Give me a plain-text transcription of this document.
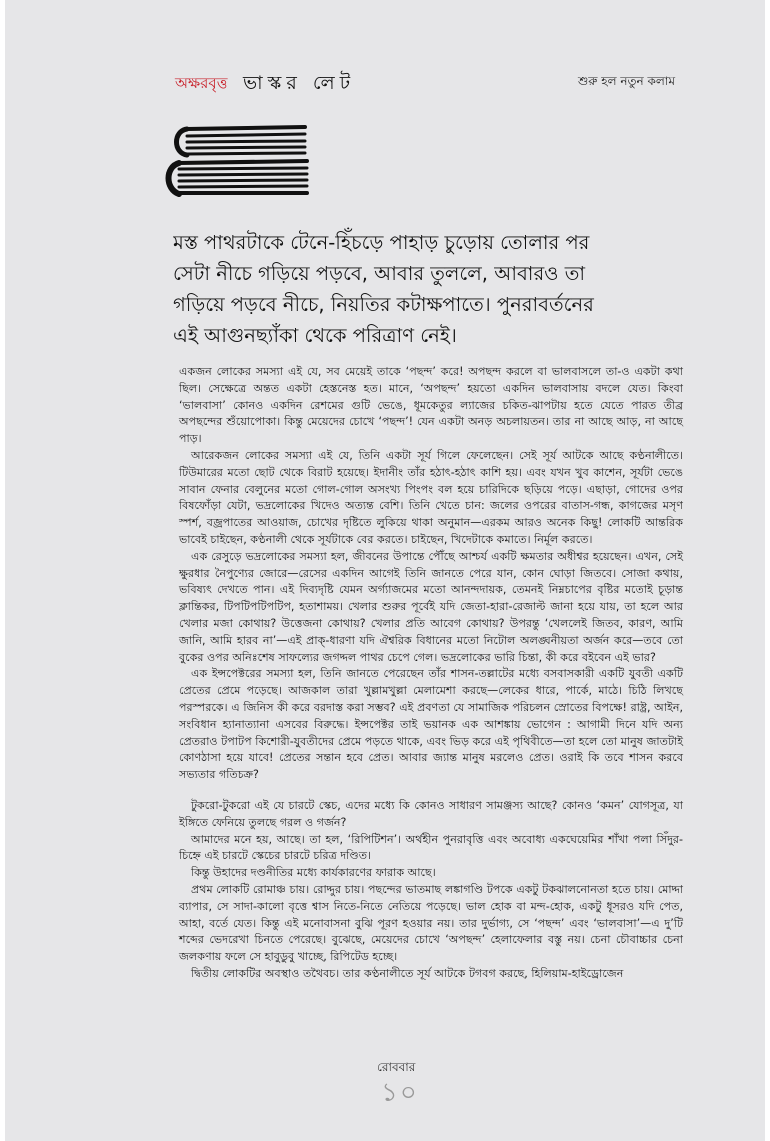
অক্ষরবৃত্ত ভাস্কর লেট	শুরু হল নতুন কলাম
মস্ত পাথরটাকে টেনে-হিঁচড়ে পাহাড় চুড়োয় তোলার পর
সেটা নীচে গড়িয়ে পড়বে, আবার তুললে, আবারও তা
গড়িয়ে পড়বে নীচে, নিয়তির কটাক্ষপাতে। পুনরাবর্তনের
এই আগুনছ্যাঁকা থেকে পরিত্রাণ নেই।

একজন লোকের সমস্যা এই যে, সব মেয়েই তাকে ‘পছন্দ’ করে! অপছন্দ করলে বা ভালবাসলে তা-ও একটা কথা ছিল। সেক্ষেত্রে অন্তত একটা হেস্তনেস্ত হত। মানে, ‘অপছন্দ’ হয়তো একদিন ভালবাসায় বদলে যেত। কিংবা ‘ভালবাসা’ কোনও একদিন রেশমের গুটি ভেঙে, ধূমকেতুর ল্যাজের চকিত-ঝাপটায় হতে যেতে পারত তীব্র অপছন্দের শুঁয়োপোকা। কিন্তু মেয়েদের চোখে ‘পছন্দ’! যেন একটা অনড় অচলায়তন। তার না আছে আড়, না আছে পাড়।

আরেকজন লোকের সমস্যা এই যে, তিনি একটা সূর্য গিলে ফেলেছেন। সেই সূর্য আটকে আছে কণ্ঠনালীতে। টিউমারের মতো ছোট থেকে বিরাট হয়েছে। ইদানীং তাঁর হঠাৎ-হঠাৎ কাশি হয়। এবং যখন খুব কাশেন, সূর্যটা ভেঙে সাবান ফেনার বেলুনের মতো গোল-গোল অসংখ্য পিংপং বল হয়ে চারিদিকে ছড়িয়ে পড়ে। এছাড়া, গোদের ওপর বিষফোঁড়া যেটা, ভদ্রলোকের খিদেও অত্যন্ত বেশি। তিনি খেতে চান: জলের ওপরের বাতাস-গন্ধ, কাগজের মসৃণ স্পর্শ, বজ্রপাতের আওয়াজ, চোখের দৃষ্টিতে লুকিয়ে থাকা অনুমান—এরকম আরও অনেক কিছু! লোকটি আন্তরিক ভাবেই চাইছেন, কণ্ঠনালী থেকে সূর্যটাকে বের করতে। চাইছেন, খিদেটাকে কমাতে। নির্মূল করতে।

এক রেসুড়ে ভদ্রলোকের সমস্যা হল, জীবনের উপান্তে পৌঁছে আশ্চর্য একটি ক্ষমতার অধীশ্বর হয়েছেন। এখন, সেই ক্ষুরধার নৈপুণ্যের জোরে—রেসের একদিন আগেই তিনি জানতে পেরে যান, কোন ঘোড়া জিতবে। সোজা কথায়, ভবিষ্যৎ দেখতে পান। এই দিব্যদৃষ্টি যেমন অর্গ্যাজমের মতো আনন্দদায়ক, তেমনই নিম্নচাপের বৃষ্টির মতোই চূড়ান্ত ক্লান্তিকর, টিপটিপটিপটিপ, হতাশাময়। খেলার শুরুর পূর্বেই যদি জেতা-হারা-রেজাল্ট জানা হয়ে যায়, তা হলে আর খেলার মজা কোথায়? উত্তেজনা কোথায়? খেলার প্রতি আবেগ কোথায়? উপরন্তু ‘খেললেই জিতব, কারণ, আমি জানি, আমি হারব না’—এই প্রাক্-ধারণা যদি ঐশ্বরিক বিধানের মতো নিটোল অলঙ্ঘনীয়তা অর্জন করে—তবে তো বুকের ওপর অনিঃশেষ সাফল্যের জগদ্দল পাথর চেপে গেল। ভদ্রলোকের ভারি চিন্তা, কী করে বইবেন এই ভার?

এক ইন্সপেক্টরের সমস্যা হল, তিনি জানতে পেরেছেন তাঁর শাসন-তল্লাটের মধ্যে বসবাসকারী একটি যুবতী একটি প্রেতের প্রেমে পড়েছে। আজকাল তারা খুল্লামখুল্লা মেলামেশা করছে—লেকের ধারে, পার্কে, মাঠে। চিঠি লিখছে পরস্পরকে। এ জিনিস কী করে বরদাস্ত করা সম্ভব? এই প্রবণতা যে সামাজিক পরিচলন স্রোতের বিপক্ষে! রাষ্ট্র, আইন, সংবিধান হ্যানাত্যানা এসবের বিরুদ্ধে। ইন্সপেক্টর তাই ভয়ানক এক আশঙ্কায় ভোগেন : আগামী দিনে যদি অন্য প্রেতরাও টপাটপ কিশোরী-যুবতীদের প্রেমে পড়তে থাকে, এবং ভিড় করে এই পৃথিবীতে—তা হলে তো মানুষ জাতটাই কোণঠাসা হয়ে যাবে! প্রেতের সন্তান হবে প্রেত। আবার জ্যান্ত মানুষ মরলেও প্রেত। ওরাই কি তবে শাসন করবে সভ্যতার গতিচক্র?

টুকরো-টুকরো এই যে চারটে স্কেচ, এদের মধ্যে কি কোনও সাধারণ সামঞ্জস্য আছে? কোনও ‘কমন’ যোগসূত্র, যা ইঙ্গিতে ফেনিয়ে তুলছে গরল ও গর্জন?

আমাদের মনে হয়, আছে। তা হল, ‘রিপিটিশন’। অর্থহীন পুনরাবৃত্তি এবং অবোধ্য একঘেয়েমির শাঁখা পলা সিঁদুর-চিহ্নে এই চারটে স্কেচের চারটে চরিত্র দণ্ডিত।

কিন্তু উহাদের দণ্ডনীতির মধ্যে কার্যকারণের ফারাক আছে।

প্রথম লোকটি রোমাঞ্চ চায়। রোদ্দুর চায়। পছন্দের ভাতমাছ লঙ্কাগণ্ডি টপকে একটু টকঝালনোনতা হতে চায়। মোদ্দা ব্যাপার, সে সাদা-কালো বৃত্তে শ্বাস নিতে-নিতে নেতিয়ে পড়েছে। ভাল হোক বা মন্দ-হোক, একটু ধূসরও যদি পেত, আহা, বর্তে যেত। কিন্তু এই মনোবাসনা বুঝি পূরণ হওয়ার নয়। তার দুর্ভাগ্য, সে ‘পছন্দ’ এবং ‘ভালবাসা’—এ দু’টি শব্দের ভেদরেখা চিনতে পেরেছে। বুঝেছে, মেয়েদের চোখে ‘অপছন্দ’ হেলাফেলার বস্তু নয়। চেনা চৌবাচ্চার চেনা জলকণায় ফলে সে হাবুডুবু খাচ্ছে, রিপিটেড হচ্ছে।

দ্বিতীয় লোকটির অবস্থাও তথৈবচ। তার কণ্ঠনালীতে সূর্য আটকে টগবগ করছে, হিলিয়াম-হাইড্রোজেন

রোববার
১০
